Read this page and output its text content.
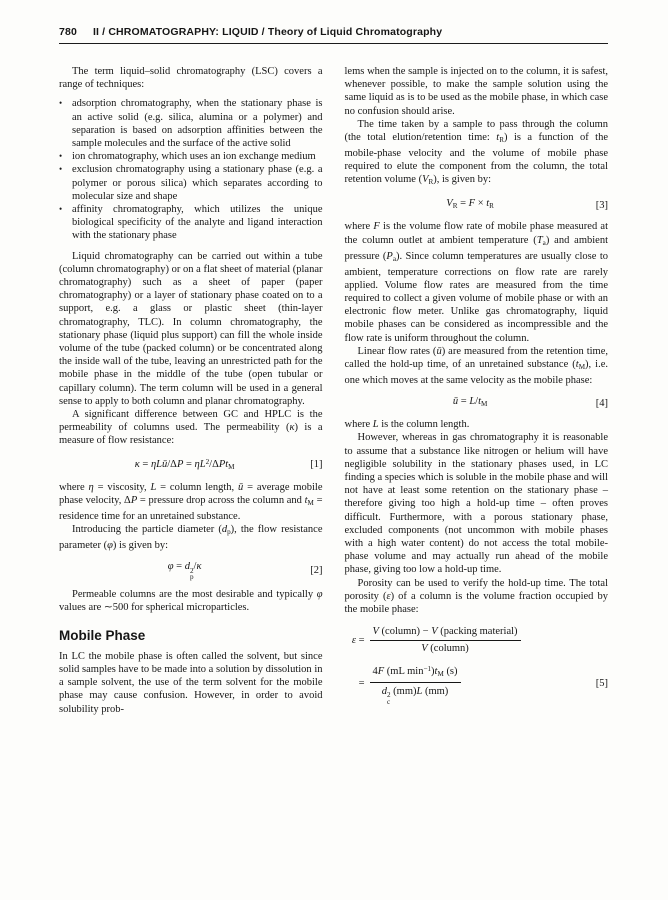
780 II / CHROMATOGRAPHY: LIQUID / Theory of Liquid Chromatography

The term liquid–solid chromatography (LSC) covers a range of techniques:

• adsorption chromatography, when the stationary phase is an active solid (e.g. silica, alumina or a polymer) and separation is based on adsorption affinities between the sample molecules and the surface of the active solid
• ion chromatography, which uses an ion exchange medium
• exclusion chromatography using a stationary phase (e.g. a polymer or porous silica) which separates according to molecular size and shape
• affinity chromatography, which utilizes the unique biological specificity of the analyte and ligand interaction with the stationary phase

Liquid chromatography can be carried out within a tube (column chromatography) or on a flat sheet of material (planar chromatography) such as a sheet of paper (paper chromatography) or a layer of stationary phase coated on to a support, e.g. a glass or plastic sheet (thin-layer chromatography, TLC). In column chromatography, the stationary phase (liquid plus support) can fill the whole inside volume of the tube (packed column) or be concentrated along the inside wall of the tube, leaving an unrestricted path for the mobile phase in the middle of the tube (open tubular or capillary column). The term column will be used in a general sense to apply to both column and planar chromatography.

A significant difference between GC and HPLC is the permeability of columns used. The permeability (κ) is a measure of flow resistance:

κ = ηLū/ΔP = $\eta L^2/\Delta Pt_M$	[1]

where η = viscosity, L = column length, ū = average mobile phase velocity, ΔP = pressure drop across the column and $t_M$ = residence time for an unretained substance.

Introducing the particle diameter $(d_p)$, the flow resistance parameter (φ) is given by:

φ = d 2
p
/κ	[2]

Permeable columns are the most desirable and typically φ values are ∼500 for spherical microparticles.

Mobile Phase

In LC the mobile phase is often called the solvent, but since solid samples have to be made into a solution by dissolution in a sample solvent, the use of the term solvent for the mobile phase may cause confusion. However, in order to avoid solubility prob-

lems when the sample is injected on to the column, it is safest, whenever possible, to make the sample solution using the same liquid as is to be used as the mobile phase, in which case no confusion should arise.

The time taken by a sample to pass through the column (the total elution/retention time: $t_R$) is a function of the mobile-phase velocity and the volume of mobile phase required to elute the component from the column, the total retention volume $(V_R)$, is given by:

$V_R = F \times t_R$	[3]

where F is the volume flow rate of mobile phase measured at the column outlet at ambient temperature $(T_a)$ and ambient pressure $(P_a)$. Since column temperatures are usually close to ambient, temperature corrections on flow rate are rarely applied. Volume flow rates are measured from the time required to collect a given volume of mobile phase or with an electronic flow meter. Unlike gas chromatography, liquid mobile phases can be considered as incompressible and the flow rate is uniform throughout the column.

Linear flow rates (ū) are measured from the retention time, called the hold-up time, of an unretained substance $(t_M)$, i.e. one which moves at the same velocity as the mobile phase:

ū = $L/t_M$	[4]

where L is the column length.

However, whereas in gas chromatography it is reasonable to assume that a substance like nitrogen or helium will have negligible solubility in the stationary phases used, in LC finding a species which is soluble in the mobile phase and will not have at least some retention on the stationary phase – therefore giving too high a hold-up time – often proves difficult. Furthermore, with a porous stationary phase, excluded components (not uncommon with mobile phases with a high water content) do not access the total mobile-phase volume and may actually run ahead of the mobile phase, giving too low a hold-up time.

Porosity can be used to verify the hold-up time. The total porosity (ε) of a column is the volume fraction occupied by the mobile phase:

$\varepsilon = \frac{\text{V (column) − V (packing material)}}{\text{V (column)}}$
= 4F (mL $\min^{-1})t_M$ (s)
d 2
c
(mm)L (mm)	[5]
